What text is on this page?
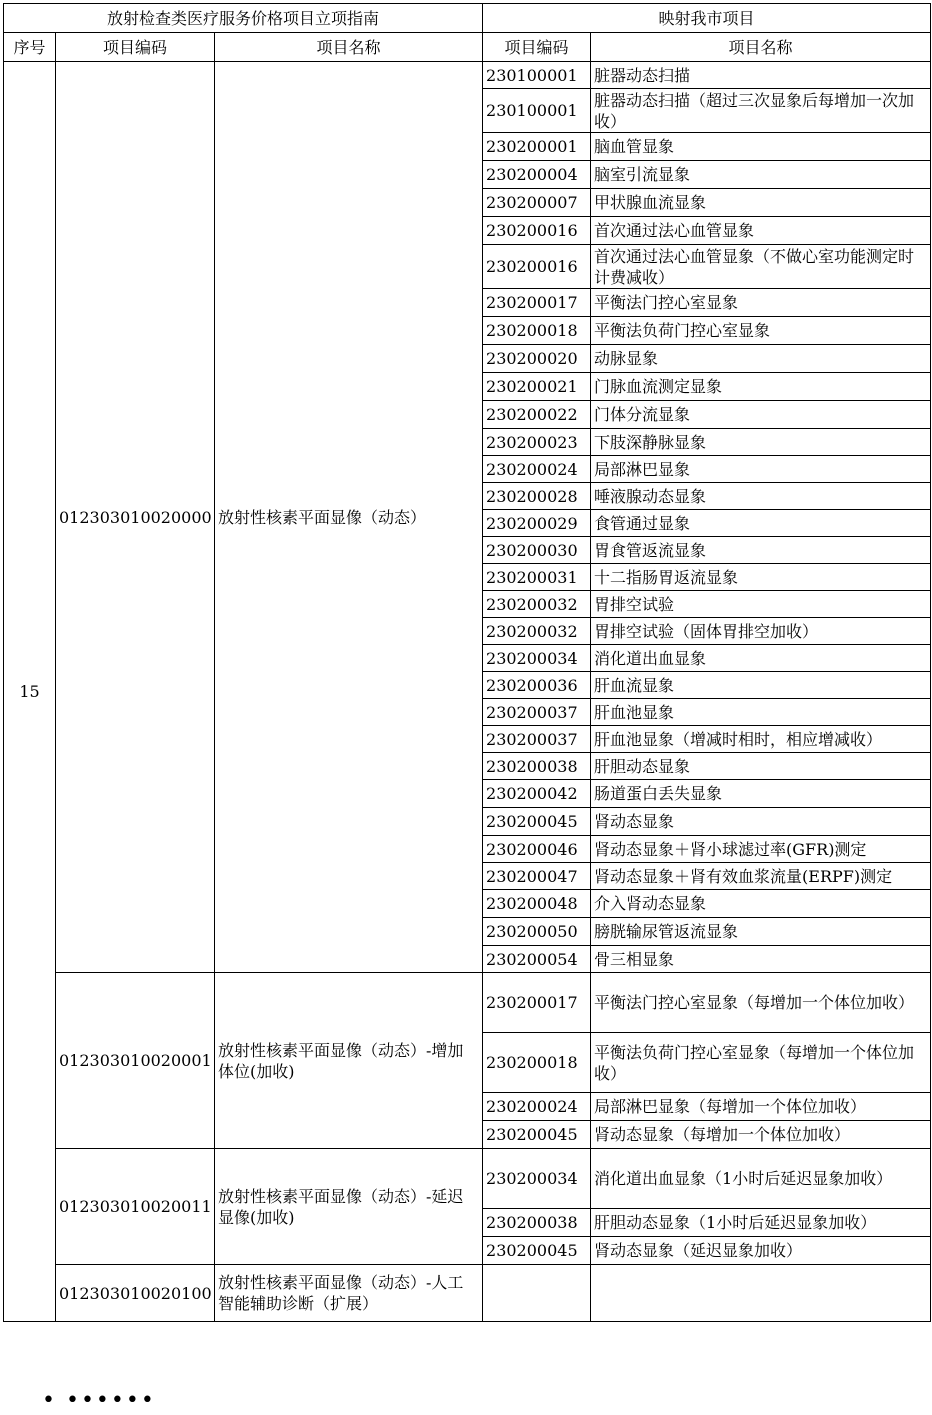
放射检查类医疗服务价格项目立项指南			映射我市项目	
序号	项目编码	项目名称	项目编码	项目名称
15	012303010020000	放射性核素平面显像（动态）	230100001	脏器动态扫描
			230100001	脏器动态扫描（超过三次显象后每增加一次加收）
			230200001	脑血管显象
			230200004	脑室引流显象
			230200007	甲状腺血流显象
			230200016	首次通过法心血管显象
			230200016	首次通过法心血管显象（不做心室功能测定时计费减收）
			230200017	平衡法门控心室显象
			230200018	平衡法负荷门控心室显象
			230200020	动脉显象
			230200021	门脉血流测定显象
			230200022	门体分流显象
			230200023	下肢深静脉显象
			230200024	局部淋巴显象
			230200028	唾液腺动态显象
			230200029	食管通过显象
			230200030	胃食管返流显象
			230200031	十二指肠胃返流显象
			230200032	胃排空试验
			230200032	胃排空试验（固体胃排空加收）
			230200034	消化道出血显象
			230200036	肝血流显象
			230200037	肝血池显象
			230200037	肝血池显象（增减时相时，相应增减收）
			230200038	肝胆动态显象
			230200042	肠道蛋白丢失显象
			230200045	肾动态显象
			230200046	肾动态显象＋肾小球滤过率(GFR)测定
			230200047	肾动态显象＋肾有效血浆流量(ERPF)测定
			230200048	介入肾动态显象
			230200050	膀胱输尿管返流显象
			230200054	骨三相显象
	012303010020001	放射性核素平面显像（动态）-增加体位(加收)	230200017	平衡法门控心室显象（每增加一个体位加收）
			230200018	平衡法负荷门控心室显象（每增加一个体位加收）
			230200024	局部淋巴显象（每增加一个体位加收）
			230200045	肾动态显象（每增加一个体位加收）
	012303010020011	放射性核素平面显像（动态）-延迟显像(加收)	230200034	消化道出血显象（1小时后延迟显象加收）
			230200038	肝胆动态显象（1小时后延迟显象加收）
			230200045	肾动态显象（延迟显象加收）
	012303010020100	放射性核素平面显像（动态）-人工智能辅助诊断（扩展）		
• ••••••
